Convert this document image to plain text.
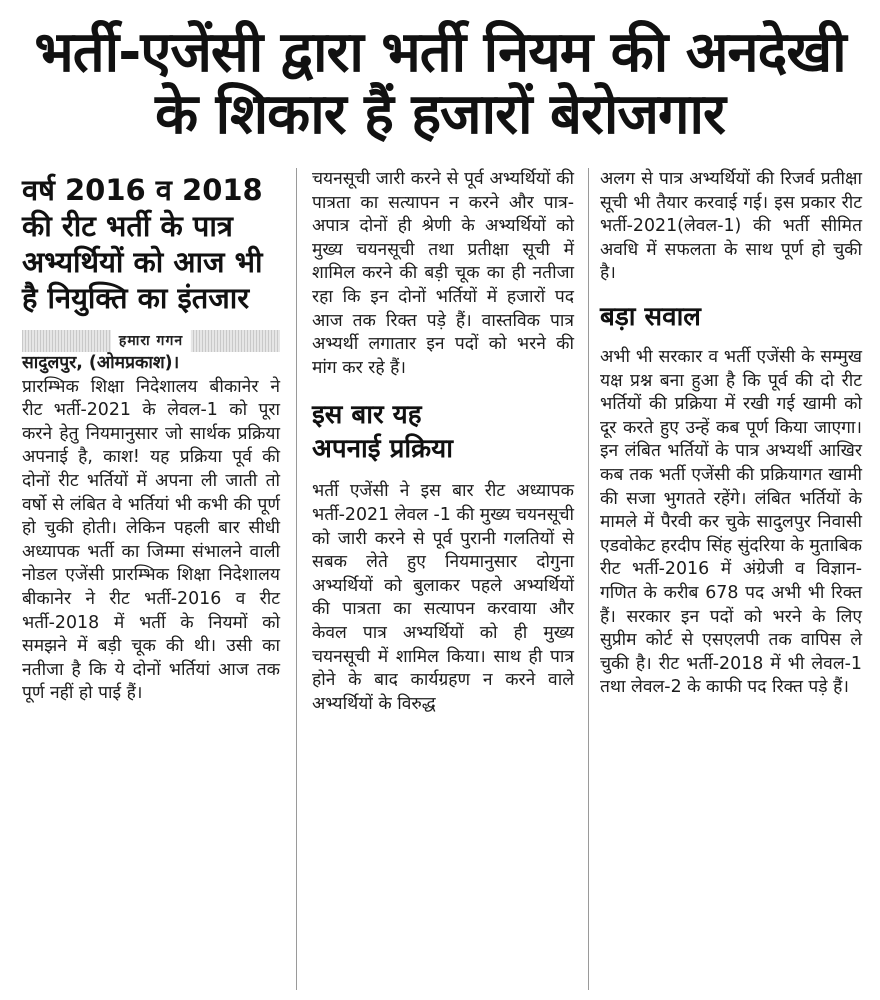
भर्ती-एजेंसी द्वारा भर्ती नियम की अनदेखी
के शिकार हैं हजारों बेरोजगार
वर्ष 2016 व 2018 की रीट भर्ती के पात्र अभ्यर्थियों को आज भी है नियुक्ति का इंतजार
हमारा गगन

सादुलपुर, (ओमप्रकाश)।

प्रारम्भिक शिक्षा निदेशालय बीकानेर ने रीट भर्ती-2021 के लेवल-1 को पूरा करने हेतु नियमानुसार जो सार्थक प्रक्रिया अपनाई है, काश! यह प्रक्रिया पूर्व की दोनों रीट भर्तियों में अपना ली जाती तो वर्षो से लंबित वे भर्तियां भी कभी की पूर्ण हो चुकी होती। लेकिन पहली बार सीधी अध्यापक भर्ती का जिम्मा संभालने वाली नोडल एजेंसी प्रारम्भिक शिक्षा निदेशालय बीकानेर ने रीट भर्ती-2016 व रीट भर्ती-2018 में भर्ती के नियमों को समझने में बड़ी चूक की थी। उसी का नतीजा है कि ये दोनों भर्तियां आज तक पूर्ण नहीं हो पाई हैं।

चयनसूची जारी करने से पूर्व अभ्यर्थियों की पात्रता का सत्यापन न करने और पात्र-अपात्र दोनों ही श्रेणी के अभ्यर्थियों को मुख्य चयनसूची तथा प्रतीक्षा सूची में शामिल करने की बड़ी चूक का ही नतीजा रहा कि इन दोनों भर्तियों में हजारों पद आज तक रिक्त पड़े हैं। वास्तविक पात्र अभ्यर्थी लगातार इन पदों को भरने की मांग कर रहे हैं।

इस बार यह
अपनाई प्रक्रिया

भर्ती एजेंसी ने इस बार रीट अध्यापक भर्ती-2021 लेवल -1 की मुख्य चयनसूची को जारी करने से पूर्व पुरानी गलतियों से सबक लेते हुए नियमानुसार दोगुना अभ्यर्थियों को बुलाकर पहले अभ्यर्थियों की पात्रता का सत्यापन करवाया और केवल पात्र अभ्यर्थियों को ही मुख्य चयनसूची में शामिल किया। साथ ही पात्र होने के बाद कार्यग्रहण न करने वाले अभ्यर्थियों के विरुद्ध

अलग से पात्र अभ्यर्थियों की रिजर्व प्रतीक्षा सूची भी तैयार करवाई गई। इस प्रकार रीट भर्ती-2021(लेवल-1) की भर्ती सीमित अवधि में सफलता के साथ पूर्ण हो चुकी है।

बड़ा सवाल

अभी भी सरकार व भर्ती एजेंसी के सम्मुख यक्ष प्रश्न बना हुआ है कि पूर्व की दो रीट भर्तियों की प्रक्रिया में रखी गई खामी को दूर करते हुए उन्हें कब पूर्ण किया जाएगा। इन लंबित भर्तियों के पात्र अभ्यर्थी आखिर कब तक भर्ती एजेंसी की प्रक्रियागत खामी की सजा भुगतते रहेंगे। लंबित भर्तियों के मामले में पैरवी कर चुके सादुलपुर निवासी एडवोकेट हरदीप सिंह सुंदरिया के मुताबिक रीट भर्ती-2016 में अंग्रेजी व विज्ञान-गणित के करीब 678 पद अभी भी रिक्त हैं। सरकार इन पदों को भरने के लिए सुप्रीम कोर्ट से एसएलपी तक वापिस ले चुकी है। रीट भर्ती-2018 में भी लेवल-1 तथा लेवल-2 के काफी पद रिक्त पड़े हैं।
